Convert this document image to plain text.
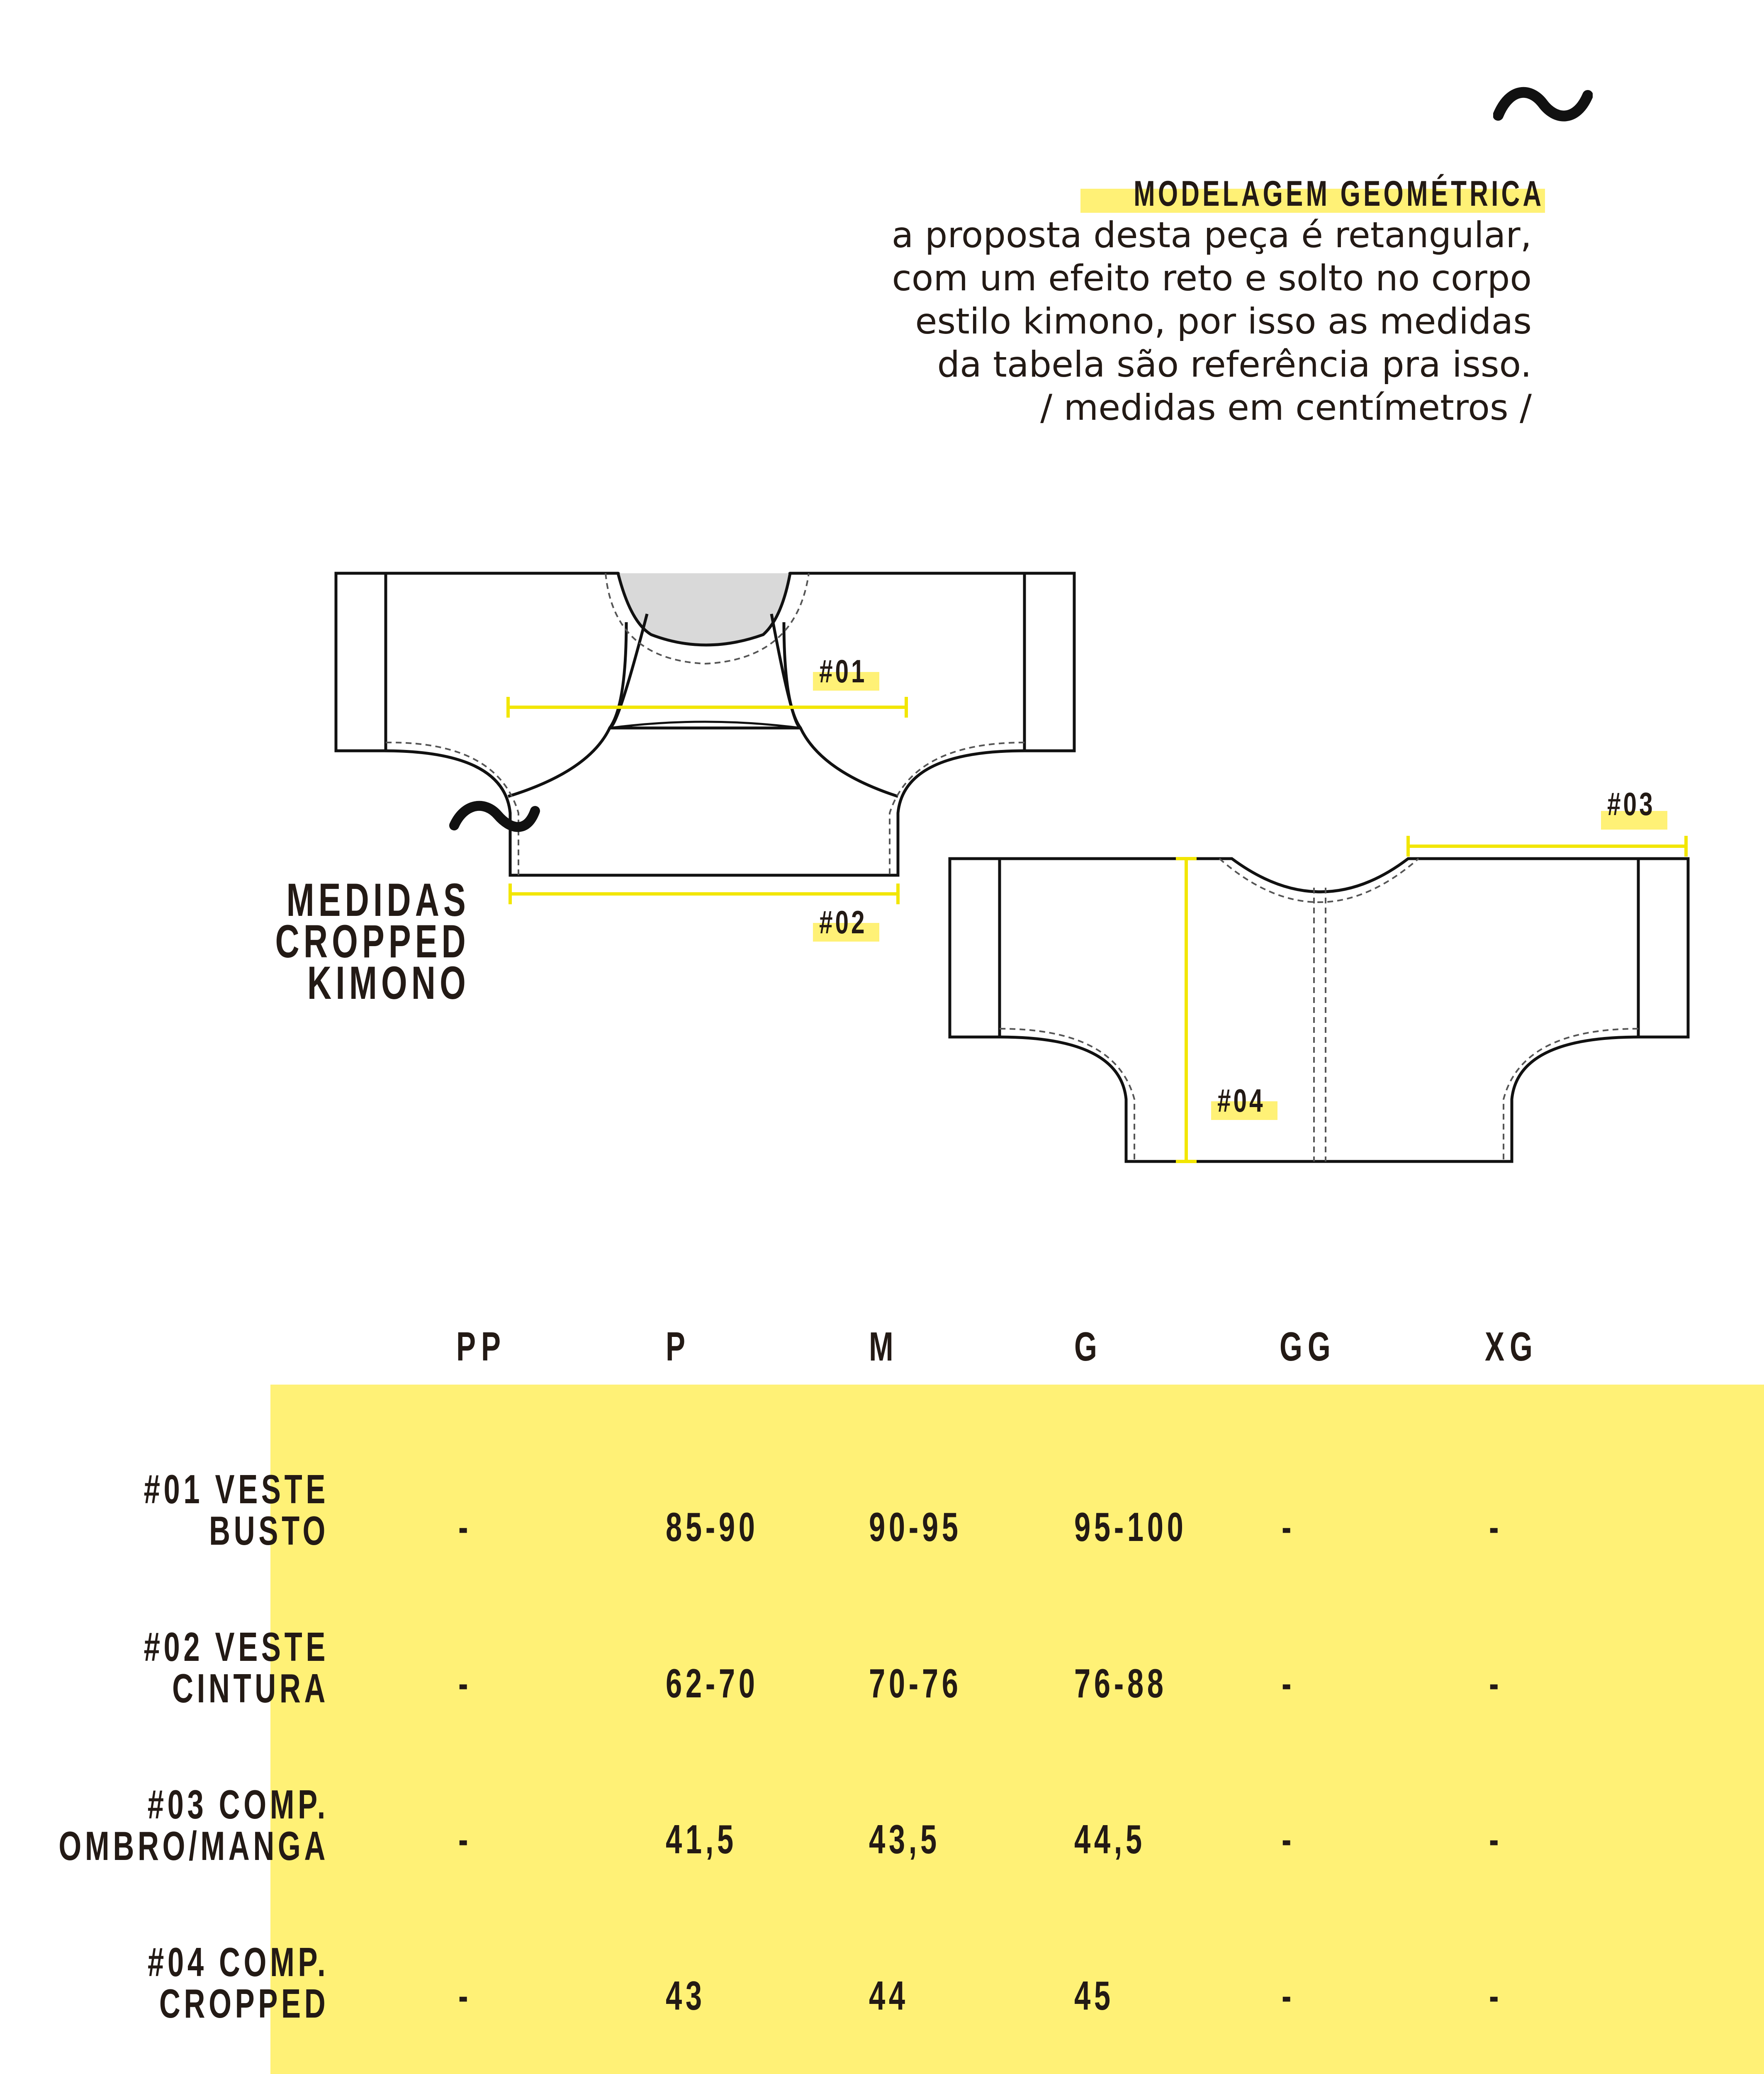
MODELAGEM GEOMÉTRICA
a proposta desta peça é retangular,
com um efeito reto e solto no corpo
estilo kimono, por isso as medidas
da tabela são referência pra isso.
/ medidas em centímetros /
#01
#02
#03
#04
MEDIDAS
CROPPED
KIMONO
PP	P	M	G	GG	XG
#01 VESTE
BUSTO	-	85-90	90-95	95-100 -	-
#02 VESTE
CINTURA	-	62-70	70-76	76-88	-	-
#03 COMP.
OMBRO/MANGA	-	41,5	43,5	44,5	-	-
#04 COMP.
CROPPED	-	43	44	45	-	-
